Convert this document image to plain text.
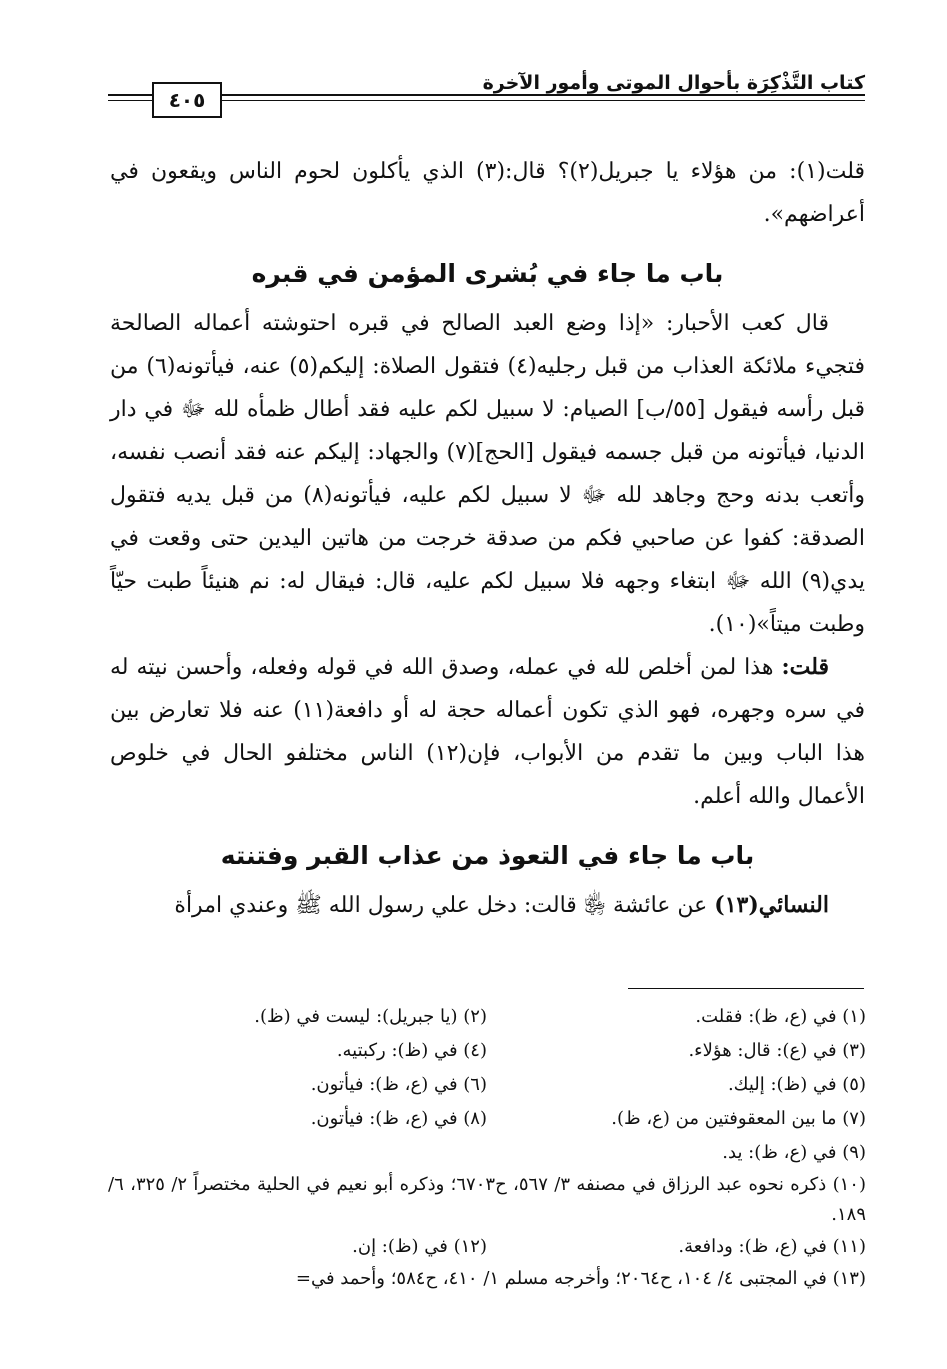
٤٠٥
كتاب التَّذْكِرَة بأحوال الموتى وأمور الآخرة

قلت(١): من هؤلاء يا جبريل(٢)؟ قال:(٣) الذي يأكلون لحوم الناس ويقعون في أعراضهم».

باب ما جاء في بُشرى المؤمن في قبره

قال كعب الأحبار: «إذا وضع العبد الصالح في قبره احتوشته أعماله الصالحة فتجيء ملائكة العذاب من قبل رجليه(٤) فتقول الصلاة: إليكم(٥) عنه، فيأتونه(٦) من قبل رأسه فيقول [٥٥/ب] الصيام: لا سبيل لكم عليه فقد أطال ظمأه لله ﷻ في دار الدنيا، فيأتونه من قبل جسمه فيقول [الحج](٧) والجهاد: إليكم عنه فقد أنصب نفسه، وأتعب بدنه وحج وجاهد لله ﷻ لا سبيل لكم عليه، فيأتونه(٨) من قبل يديه فتقول الصدقة: كفوا عن صاحبي فكم من صدقة خرجت من هاتين اليدين حتى وقعت في يدي(٩) الله ﷻ ابتغاء وجهه فلا سبيل لكم عليه، قال: فيقال له: نم هنيئاً طبت حيّاً وطبت ميتاً»(١٠).

قلت: هذا لمن أخلص لله في عمله، وصدق الله في قوله وفعله، وأحسن نيته له في سره وجهره، فهو الذي تكون أعماله حجة له أو دافعة(١١) عنه فلا تعارض بين هذا الباب وبين ما تقدم من الأبواب، فإن(١٢) الناس مختلفو الحال في خلوص الأعمال والله أعلم.

باب ما جاء في التعوذ من عذاب القبر وفتنته

النسائي(١٣) عن عائشة ﵂ قالت: دخل علي رسول الله ﷺ وعندي امرأة

(١) في (ع، ظ): فقلت.
(٢) (يا جبريل): ليست في (ظ).
(٣) في (ع): قال: هؤلاء.
(٤) في (ظ): ركبتيه.
(٥) في (ظ): إليك.
(٦) في (ع، ظ): فيأتون.
(٧) ما بين المعقوفتين من (ع، ظ).
(٨) في (ع، ظ): فيأتون.
(٩) في (ع، ظ): يد.
(١٠) ذكره نحوه عبد الرزاق في مصنفه ٣/ ٥٦٧، ح٦٧٠٣؛ وذكره أبو نعيم في الحلية مختصراً ٢/ ٣٢٥، ٦/ ١٨٩.
(١١) في (ع، ظ): ودافعة.
(١٢) في (ظ): إن.
(١٣) في المجتبى ٤/ ١٠٤، ح٢٠٦٤؛ وأخرجه مسلم ١/ ٤١٠، ح٥٨٤؛ وأحمد في=
